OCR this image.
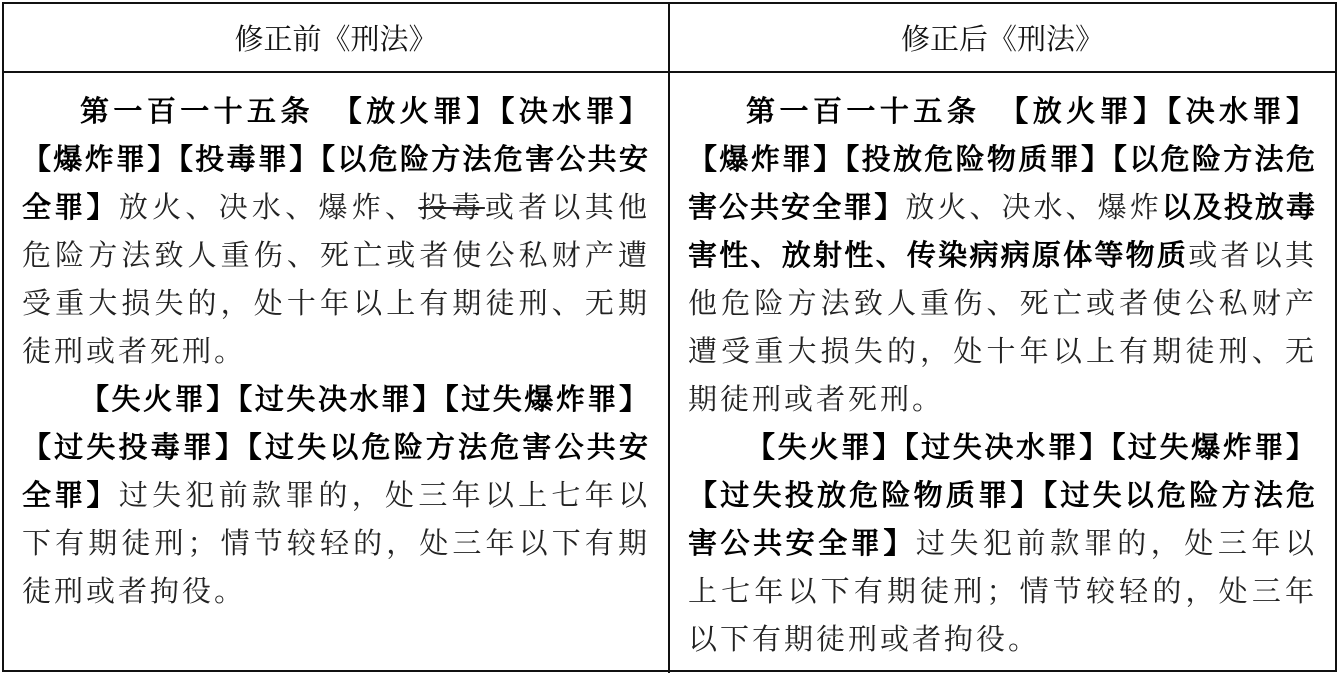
修正前《刑法》	修正后《刑法》

第一百一十五条　【放火罪】【决水罪】【爆炸罪】【投毒罪】【以危险方法危害公共安全罪】放火、决水、爆炸、投毒或者以其他危险方法致人重伤、死亡或者使公私财产遭受重大损失的，处十年以上有期徒刑、无期徒刑或者死刑。

【失火罪】【过失决水罪】【过失爆炸罪】【过失投毒罪】【过失以危险方法危害公共安全罪】过失犯前款罪的，处三年以上七年以下有期徒刑；情节较轻的，处三年以下有期徒刑或者拘役。

第一百一十五条　【放火罪】【决水罪】【爆炸罪】【投放危险物质罪】【以危险方法危害公共安全罪】放火、决水、爆炸以及投放毒害性、放射性、传染病病原体等物质或者以其他危险方法致人重伤、死亡或者使公私财产遭受重大损失的，处十年以上有期徒刑、无期徒刑或者死刑。

【失火罪】【过失决水罪】【过失爆炸罪】【过失投放危险物质罪】【过失以危险方法危害公共安全罪】过失犯前款罪的，处三年以上七年以下有期徒刑；情节较轻的，处三年以下有期徒刑或者拘役。
